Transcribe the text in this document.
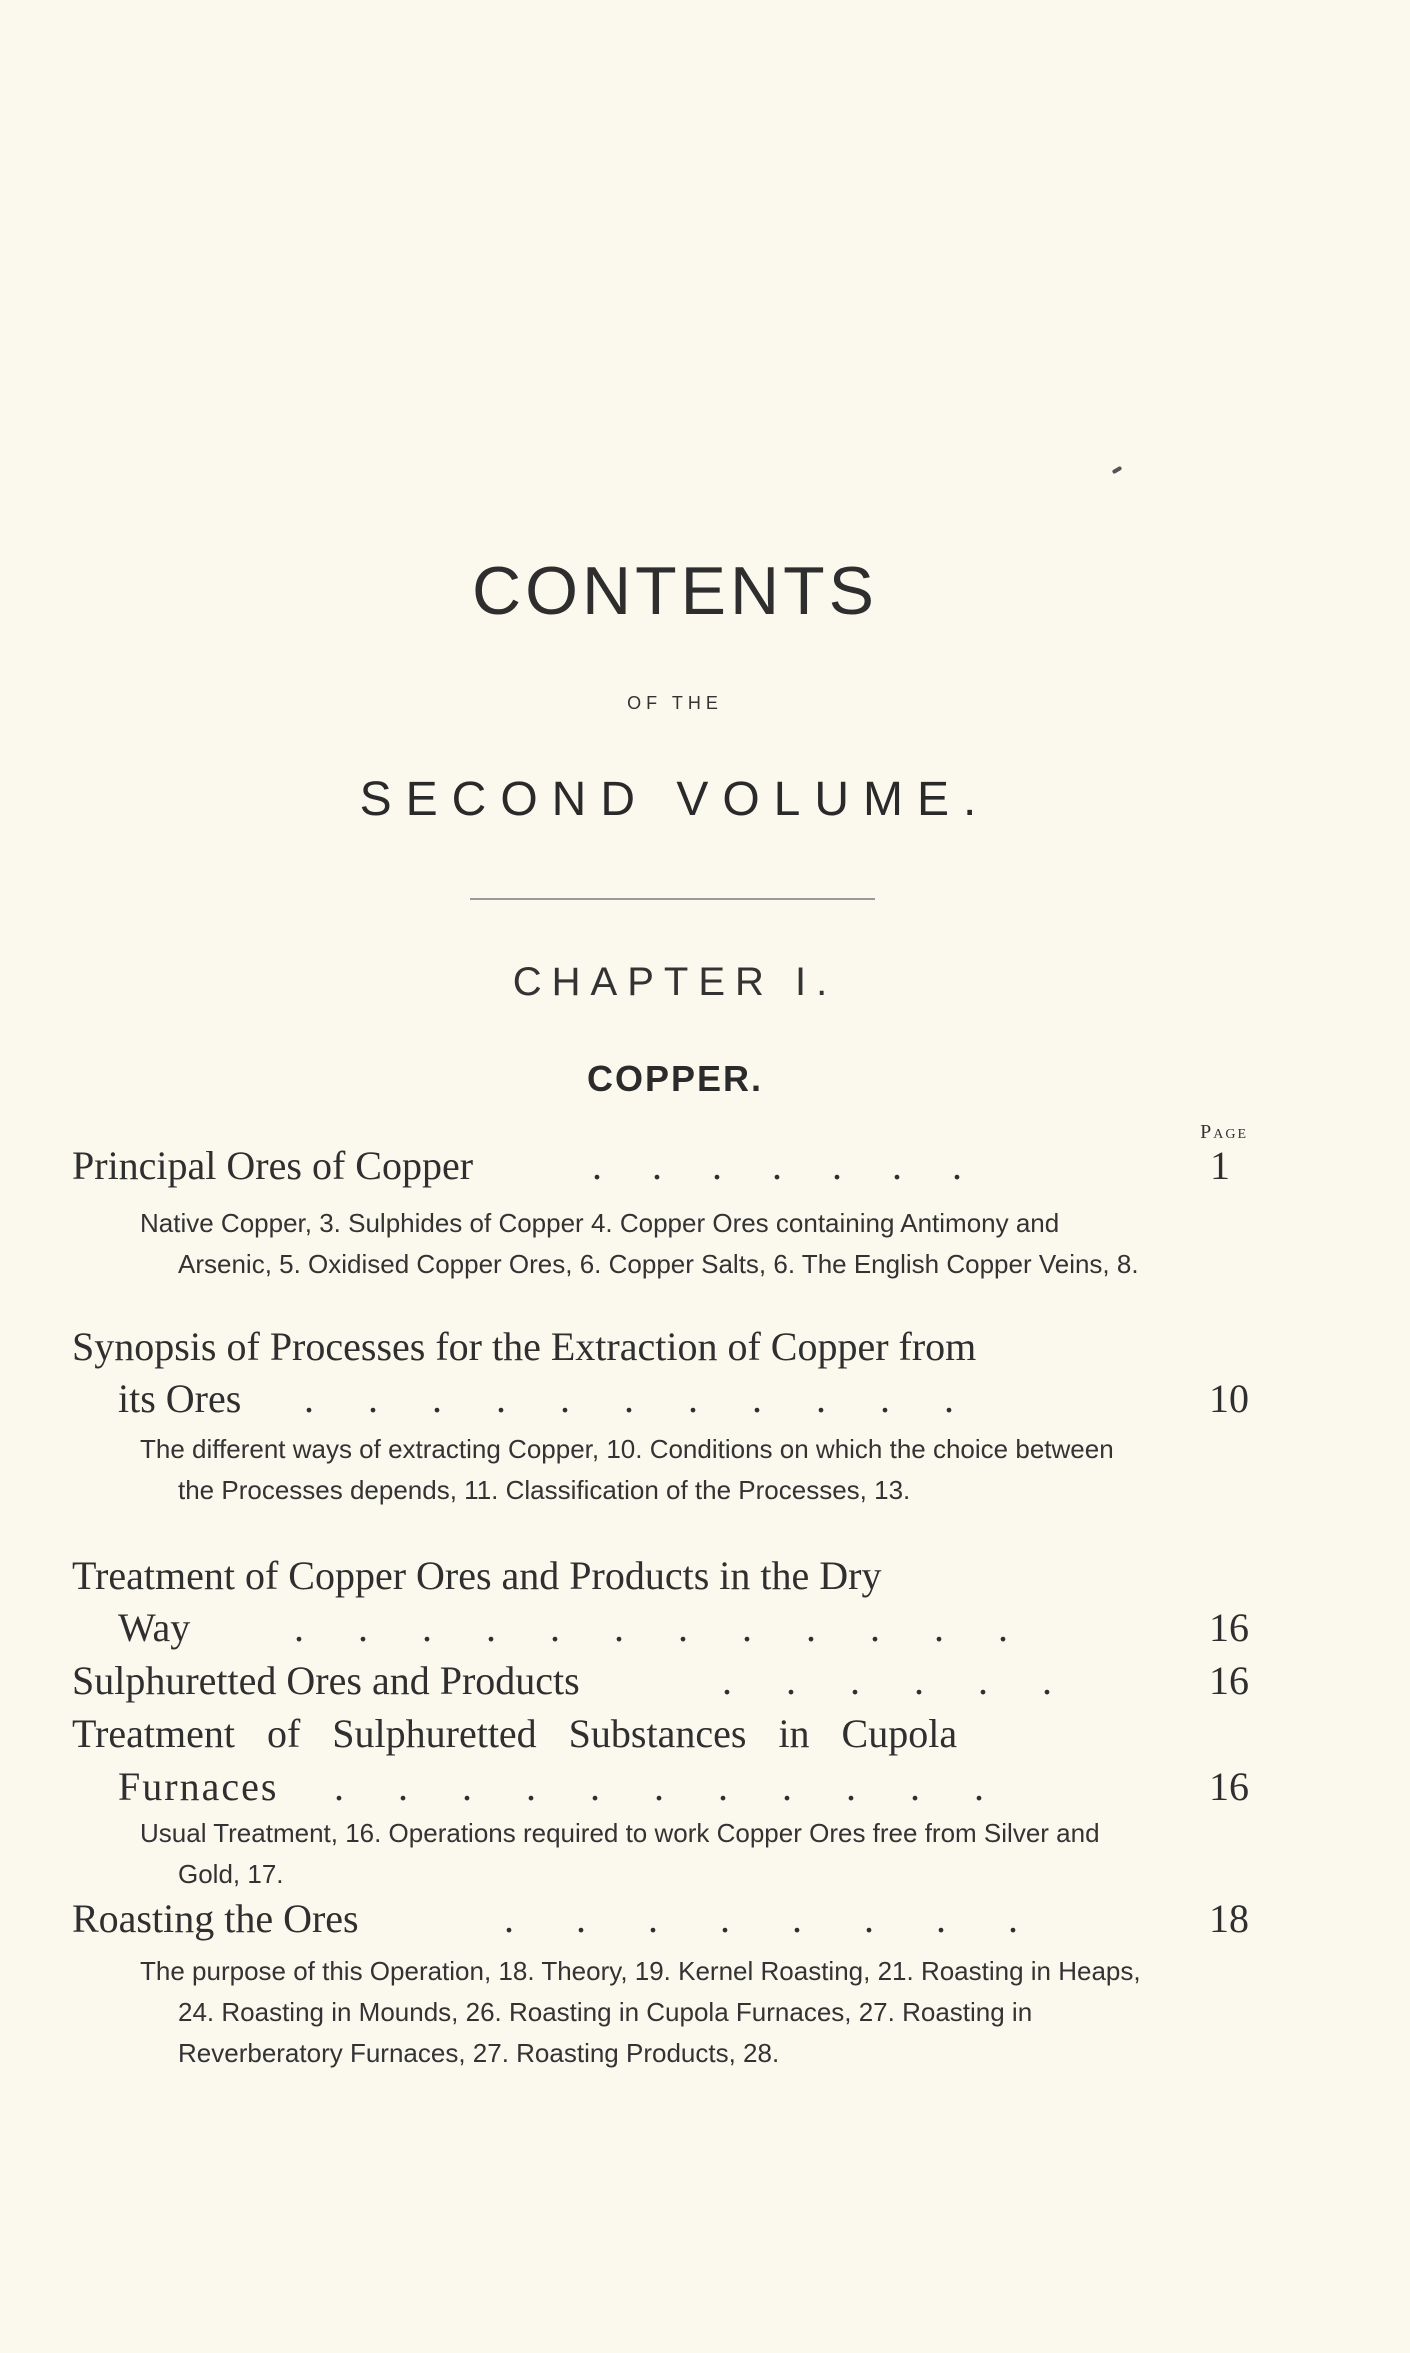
CONTENTS
OF THE
SECOND VOLUME.
CHAPTER I.
COPPER.
Page
Principal Ores of Copper	. . . . . . .	1
Native Copper, 3. Sulphides of Copper 4. Copper Ores containing Antimony and Arsenic, 5. Oxidised Copper Ores, 6. Copper Salts, 6. The English Copper Veins, 8.
Synopsis of Processes for the Extraction of Copper from
its Ores . . . . . . . . . . .	10
The different ways of extracting Copper, 10. Conditions on which the choice between the Processes depends, 11. Classification of the Processes, 13.
Treatment of Copper Ores and Products in the Dry
Way	. . . . . . . . . . . .	16
Sulphuretted Ores and Products	. . . . . .	16
Treatment of Sulphuretted Substances in Cupola
Furnaces . . . . . . . . . . .	16
Usual Treatment, 16. Operations required to work Copper Ores free from Silver and Gold, 17.
Roasting the Ores	. . . . . . . .	18
The purpose of this Operation, 18. Theory, 19. Kernel Roasting, 21. Roasting in Heaps, 24. Roasting in Mounds, 26. Roasting in Cupola Furnaces, 27. Roasting in Reverberatory Furnaces, 27. Roasting Products, 28.
